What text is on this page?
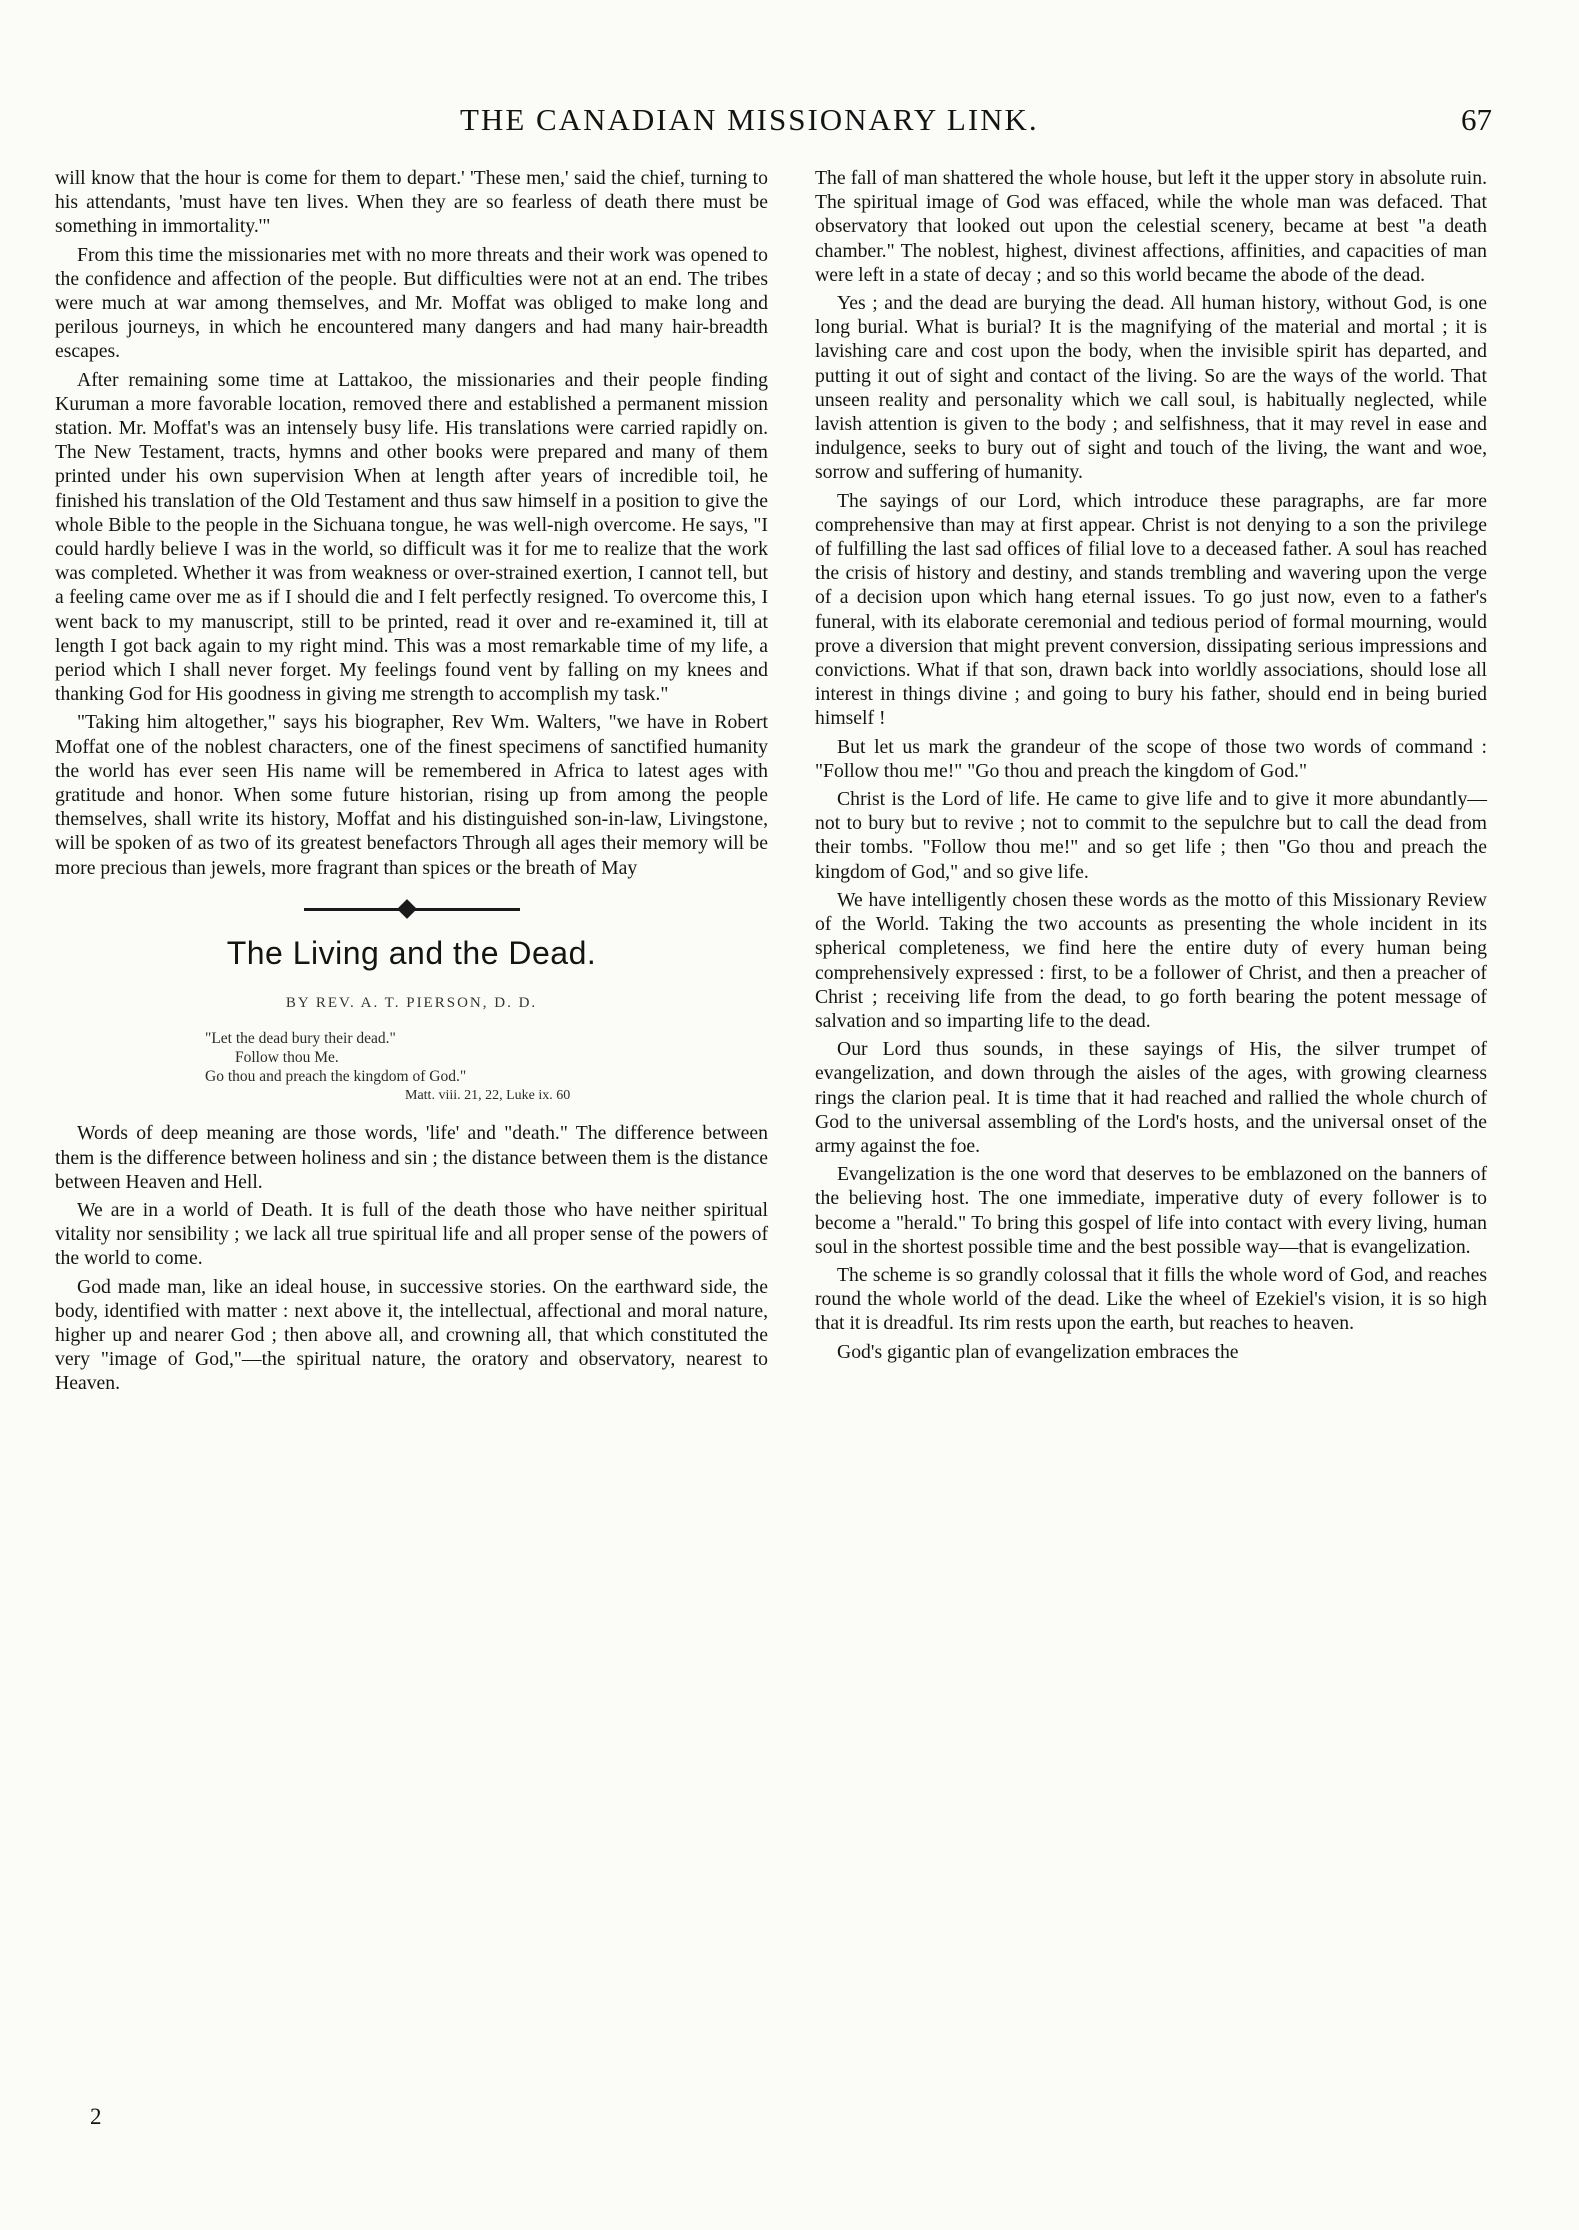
THE CANADIAN MISSIONARY LINK.	67

will know that the hour is come for them to depart.' 'These men,' said the chief, turning to his attendants, 'must have ten lives. When they are so fearless of death there must be something in immortality.'"

From this time the missionaries met with no more threats and their work was opened to the confidence and affection of the people. But difficulties were not at an end. The tribes were much at war among themselves, and Mr. Moffat was obliged to make long and perilous journeys, in which he encountered many dangers and had many hair-breadth escapes.

After remaining some time at Lattakoo, the missionaries and their people finding Kuruman a more favorable location, removed there and established a permanent mission station. Mr. Moffat's was an intensely busy life. His translations were carried rapidly on. The New Testament, tracts, hymns and other books were prepared and many of them printed under his own supervision When at length after years of incredible toil, he finished his translation of the Old Testament and thus saw himself in a position to give the whole Bible to the people in the Sichuana tongue, he was well-nigh overcome. He says, "I could hardly believe I was in the world, so difficult was it for me to realize that the work was completed. Whether it was from weakness or over-strained exertion, I cannot tell, but a feeling came over me as if I should die and I felt perfectly resigned. To overcome this, I went back to my manuscript, still to be printed, read it over and re-examined it, till at length I got back again to my right mind. This was a most remarkable time of my life, a period which I shall never forget. My feelings found vent by falling on my knees and thanking God for His goodness in giving me strength to accomplish my task."

"Taking him altogether," says his biographer, Rev Wm. Walters, "we have in Robert Moffat one of the noblest characters, one of the finest specimens of sanctified humanity the world has ever seen His name will be remembered in Africa to latest ages with gratitude and honor. When some future historian, rising up from among the people themselves, shall write its history, Moffat and his distinguished son-in-law, Livingstone, will be spoken of as two of its greatest benefactors Through all ages their memory will be more precious than jewels, more fragrant than spices or the breath of May

The Living and the Dead.
BY REV. A. T. PIERSON, D. D.
"Let the dead bury their dead."
Follow thou Me.
Go thou and preach the kingdom of God."
Matt. viii. 21, 22, Luke ix. 60

Words of deep meaning are those words, 'life' and "death." The difference between them is the difference between holiness and sin ; the distance between them is the distance between Heaven and Hell.

We are in a world of Death. It is full of the death those who have neither spiritual vitality nor sensibility ; we lack all true spiritual life and all proper sense of the powers of the world to come.

God made man, like an ideal house, in successive stories. On the earthward side, the body, identified with matter : next above it, the intellectual, affectional and moral nature, higher up and nearer God ; then above all, and crowning all, that which constituted the very "image of God,"—the spiritual nature, the oratory and observatory, nearest to Heaven.

2

The fall of man shattered the whole house, but left it the upper story in absolute ruin. The spiritual image of God was effaced, while the whole man was defaced. That observatory that looked out upon the celestial scenery, became at best "a death chamber." The noblest, highest, divinest affections, affinities, and capacities of man were left in a state of decay ; and so this world became the abode of the dead.

Yes ; and the dead are burying the dead. All human history, without God, is one long burial. What is burial? It is the magnifying of the material and mortal ; it is lavishing care and cost upon the body, when the invisible spirit has departed, and putting it out of sight and contact of the living. So are the ways of the world. That unseen reality and personality which we call soul, is habitually neglected, while lavish attention is given to the body ; and selfishness, that it may revel in ease and indulgence, seeks to bury out of sight and touch of the living, the want and woe, sorrow and suffering of humanity.

The sayings of our Lord, which introduce these paragraphs, are far more comprehensive than may at first appear. Christ is not denying to a son the privilege of fulfilling the last sad offices of filial love to a deceased father. A soul has reached the crisis of history and destiny, and stands trembling and wavering upon the verge of a decision upon which hang eternal issues. To go just now, even to a father's funeral, with its elaborate ceremonial and tedious period of formal mourning, would prove a diversion that might prevent conversion, dissipating serious impressions and convictions. What if that son, drawn back into worldly associations, should lose all interest in things divine ; and going to bury his father, should end in being buried himself !

But let us mark the grandeur of the scope of those two words of command : "Follow thou me!" "Go thou and preach the kingdom of God."

Christ is the Lord of life. He came to give life and to give it more abundantly—not to bury but to revive ; not to commit to the sepulchre but to call the dead from their tombs. "Follow thou me!" and so get life ; then "Go thou and preach the kingdom of God," and so give life.

We have intelligently chosen these words as the motto of this Missionary Review of the World. Taking the two accounts as presenting the whole incident in its spherical completeness, we find here the entire duty of every human being comprehensively expressed : first, to be a follower of Christ, and then a preacher of Christ ; receiving life from the dead, to go forth bearing the potent message of salvation and so imparting life to the dead.

Our Lord thus sounds, in these sayings of His, the silver trumpet of evangelization, and down through the aisles of the ages, with growing clearness rings the clarion peal. It is time that it had reached and rallied the whole church of God to the universal assembling of the Lord's hosts, and the universal onset of the army against the foe.

Evangelization is the one word that deserves to be emblazoned on the banners of the believing host. The one immediate, imperative duty of every follower is to become a "herald." To bring this gospel of life into contact with every living, human soul in the shortest possible time and the best possible way—that is evangelization.

The scheme is so grandly colossal that it fills the whole word of God, and reaches round the whole world of the dead. Like the wheel of Ezekiel's vision, it is so high that it is dreadful. Its rim rests upon the earth, but reaches to heaven.

God's gigantic plan of evangelization embraces the
